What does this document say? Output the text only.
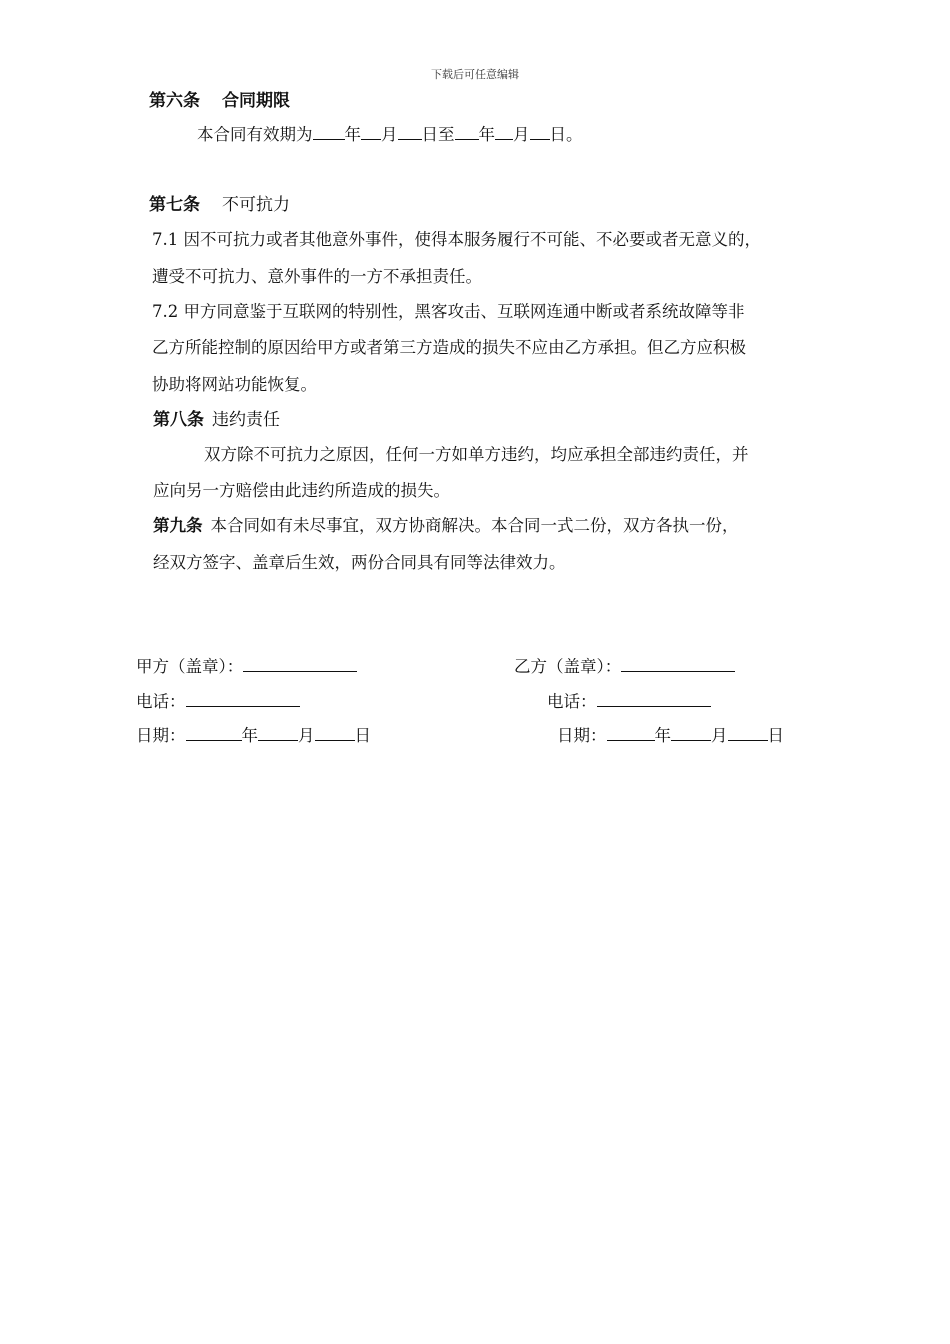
下载后可任意编辑
第六条 合同期限
本合同有效期为 年 月 日至 年 月 日。
第七条 不可抗力
7.1 因不可抗力或者其他意外事件，使得本服务履行不可能、不必要或者无意义的，
遭受不可抗力、意外事件的一方不承担责任。
7.2 甲方同意鉴于互联网的特别性，黑客攻击、互联网连通中断或者系统故障等非
乙方所能控制的原因给甲方或者第三方造成的损失不应由乙方承担。但乙方应积极
协助将网站功能恢复。
第八条 违约责任
双方除不可抗力之原因，任何一方如单方违约，均应承担全部违约责任，并
应向另一方赔偿由此违约所造成的损失。
第九条 本合同如有未尽事宜，双方协商解决。本合同一式二份，双方各执一份，
经双方签字、盖章后生效，两份合同具有同等法律效力。
甲方（盖章）：
电话：
日期：	年 月 日
乙方（盖章）：
电话：
日期：	年 月 日
